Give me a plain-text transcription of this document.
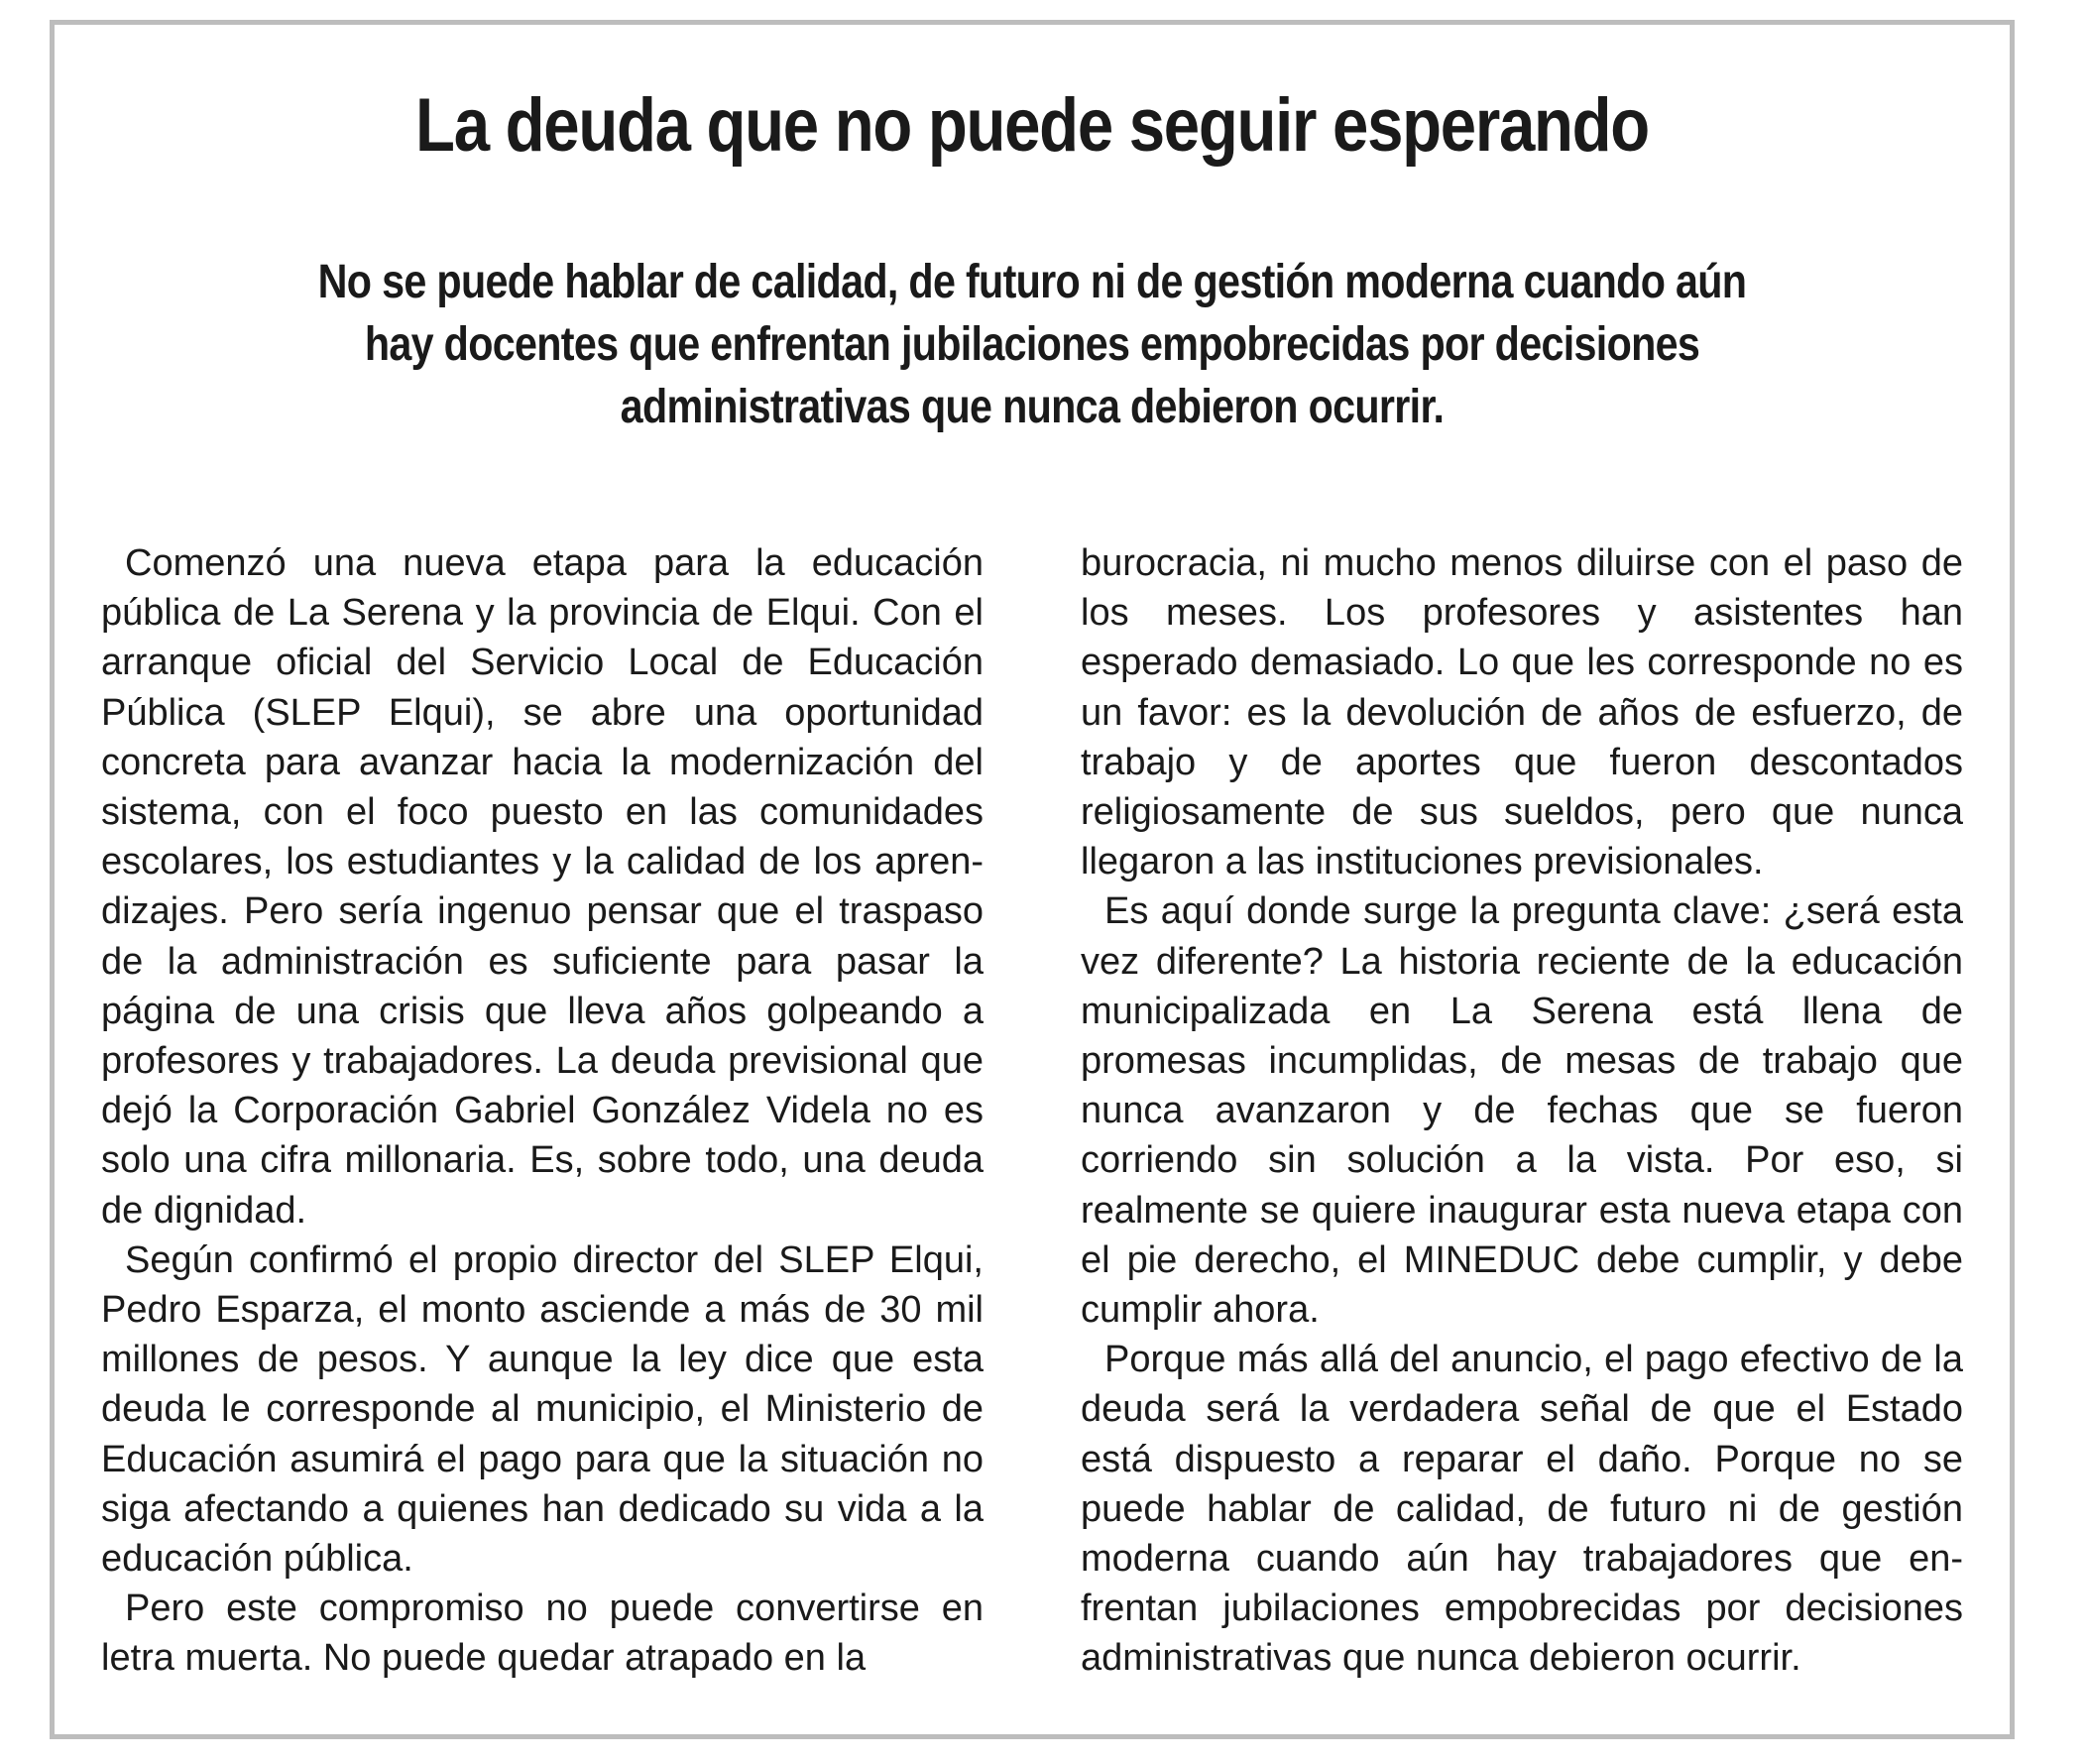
La deuda que no puede seguir esperando
No se puede hablar de calidad, de futuro ni de gestión moderna cuando aún hay docentes que enfrentan jubilaciones empobrecidas por decisiones administrativas que nunca debieron ocurrir.

Comenzó una nueva etapa para la educación pública de La Serena y la provincia de Elqui. Con el arranque oficial del Servicio Local de Educación Pública (SLEP Elqui), se abre una oportunidad concreta para avanzar hacia la modernización del sistema, con el foco puesto en las comunidades escolares, los estudiantes y la calidad de los aprendizajes. Pero sería ingenuo pensar que el traspaso de la administración es suficiente para pasar la página de una crisis que lleva años golpeando a profesores y trabajadores. La deuda previsional que dejó la Corporación Gabriel González Videla no es solo una cifra millonaria. Es, sobre todo, una deuda de dignidad.

Según confirmó el propio director del SLEP Elqui, Pedro Esparza, el monto asciende a más de 30 mil millones de pesos. Y aunque la ley dice que esta deuda le corresponde al municipio, el Ministerio de Educación asumirá el pago para que la situación no siga afectando a quienes han dedicado su vida a la educación pública.

Pero este compromiso no puede convertirse en letra muerta. No puede quedar atrapado en la

burocracia, ni mucho menos diluirse con el paso de los meses. Los profesores y asistentes han esperado demasiado. Lo que les corresponde no es un favor: es la devolución de años de esfuerzo, de trabajo y de aportes que fueron descontados religiosamente de sus sueldos, pero que nunca llegaron a las instituciones previsionales.

Es aquí donde surge la pregunta clave: ¿será esta vez diferente? La historia reciente de la educación municipalizada en La Serena está llena de promesas incumplidas, de mesas de trabajo que nunca avanzaron y de fechas que se fueron corriendo sin solución a la vista. Por eso, si realmente se quiere inaugurar esta nueva etapa con el pie derecho, el MINEDUC debe cumplir, y debe cumplir ahora.

Porque más allá del anuncio, el pago efectivo de la deuda será la verdadera señal de que el Estado está dispuesto a reparar el daño. Porque no se puede hablar de calidad, de futuro ni de gestión moderna cuando aún hay trabajadores que enfrentan jubilaciones empobrecidas por decisiones administrativas que nunca debieron ocurrir.
